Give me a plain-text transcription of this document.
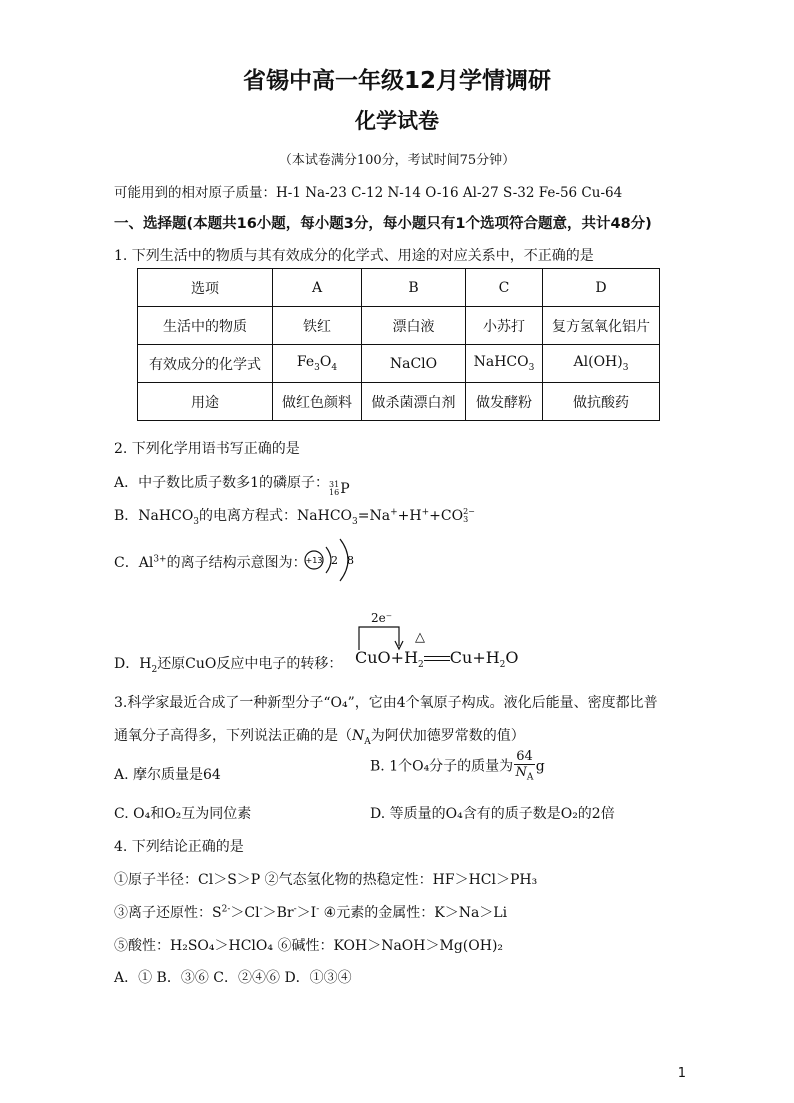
省锡中高一年级12月学情调研
化学试卷
（本试卷满分100分，考试时间75分钟）
可能用到的相对原子质量：H-1 Na-23 C-12 N-14 O-16 Al-27 S-32 Fe-56 Cu-64
一、选择题(本题共16小题，每小题3分，每小题只有1个选项符合题意，共计48分)
1. 下列生活中的物质与其有效成分的化学式、用途的对应关系中，不正确的是
选项	A	B	C	D
生活中的物质	铁红	漂白液	小苏打	复方氢氧化铝片
有效成分的化学式	$Fe_3O_4$	NaClO	NaHCO$_3$	$Al(OH)_3$
用途	做红色颜料	做杀菌漂白剂	做发酵粉	做抗酸药
2. 下列化学用语书写正确的是
A．中子数比质子数多1的磷原子： 31
16 P
B．NaHCO$_3$的电离方程式：NaHCO$_3$=Na++H++CO 2−
3
C．$Al^{3+}$的离子结构示意图为：
+13 2 8
2e⁻
△
D．$H_2$还原CuO反应中电子的转移： $CuO+H_2$ $Cu+H_2O$
3.科学家最近合成了一种新型分子“O₄”，它由4个氧原子构成。液化后能量、密度都比普
通氧分子高得多，下列说法正确的是（$N_A$为阿伏加德罗常数的值）
A. 摩尔质量是64
B. 1个O₄分子的质量为 $\frac{64}{N_A}$ g
C. O₄和O₂互为同位素	D. 等质量的O₄含有的质子数是O₂的2倍
4. 下列结论正确的是
①原子半径：Cl＞S＞P ②气态氢化物的热稳定性：HF＞HCl＞PH₃
③离子还原性：$S^{2-}>Cl^->Br^->I^-$ ④元素的金属性：K＞Na＞Li
⑤酸性：H₂SO₄＞HClO₄ ⑥碱性：KOH＞NaOH＞Mg(OH)₂
A．① B．③⑥ C．②④⑥ D．①③④
1
